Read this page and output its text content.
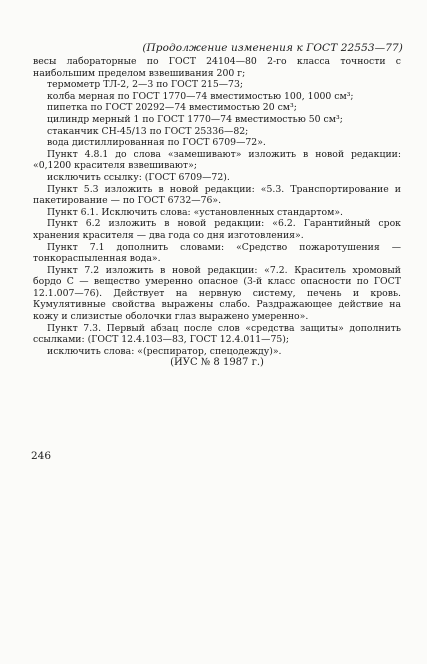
(Продолжение изменения к ГОСТ 22553—77)

весы лабораторные по ГОСТ 24104—80 2-го класса точности с наибольшим пределом взвешивания 200 г;

термометр ТЛ-2, 2—3 по ГОСТ 215—73;

колба мерная по ГОСТ 1770—74 вместимостью 100, 1000 см³;

пипетка по ГОСТ 20292—74 вместимостью 20 см³;

цилиндр мерный 1 по ГОСТ 1770—74 вместимостью 50 см³;

стаканчик СН-45/13 по ГОСТ 25336—82;

вода дистиллированная по ГОСТ 6709—72».

Пункт 4.8.1 до слова «замешивают» изложить в новой редакции: «0,1200 красителя взвешивают»;

исключить ссылку: (ГОСТ 6709—72).

Пункт 5.3 изложить в новой редакции: «5.3. Транспортирование и пакетирование — по ГОСТ 6732—76».

Пункт 6.1. Исключить слова: «установленных стандартом».

Пункт 6.2 изложить в новой редакции: «6.2. Гарантийный срок хранения красителя — два года со дня изготовления».

Пункт 7.1 дополнить словами: «Средство пожаротушения — тонкораспыленная вода».

Пункт 7.2 изложить в новой редакции: «7.2. Краситель хромовый бордо С — вещество умеренно опасное (3-й класс опасности по ГОСТ 12.1.007—76). Действует на нервную систему, печень и кровь. Кумулятивные свойства выражены слабо. Раздражающее действие на кожу и слизистые оболочки глаз выражено умеренно».

Пункт 7.3. Первый абзац после слов «средства защиты» дополнить ссылками: (ГОСТ 12.4.103—83, ГОСТ 12.4.011—75);

исключить слова: «(респиратор, спецодежду)».

(ИУС № 8 1987 г.)

246
